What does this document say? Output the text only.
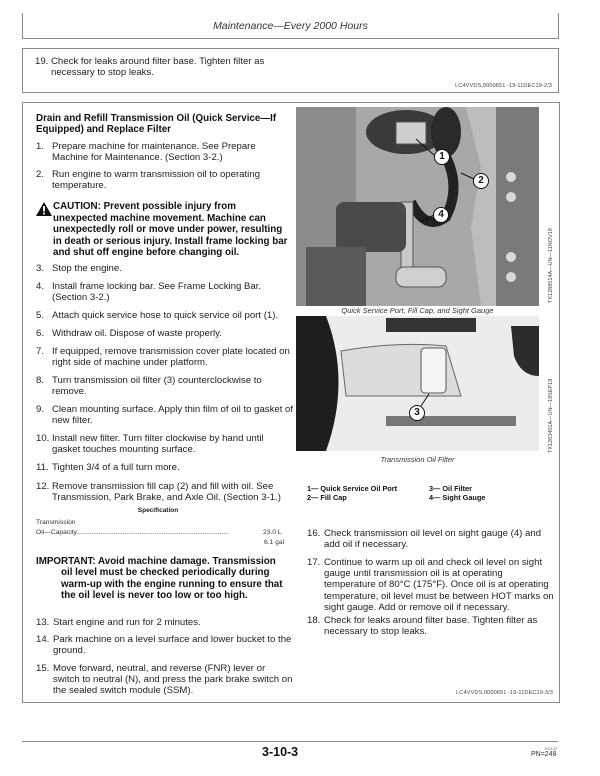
Maintenance—Every 2000 Hours
19. Check for leaks around filter base. Tighten filter as necessary to stop leaks.
LC4VVDS,0000651 -19-11DEC19-2/3
Drain and Refill Transmission Oil (Quick Service—If Equipped) and Replace Filter
1. Prepare machine for maintenance. See Prepare Machine for Maintenance. (Section 3-2.)
2. Run engine to warm transmission oil to operating temperature.
CAUTION: Prevent possible injury from unexpected machine movement. Machine can unexpectedly roll or move under power, resulting in death or serious injury. Install frame locking bar and shut off engine before changing oil.
3. Stop the engine.
4. Install frame locking bar. See Frame Locking Bar. (Section 3-2.)
5. Attach quick service hose to quick service oil port (1).
6. Withdraw oil. Dispose of waste properly.
7. If equipped, remove transmission cover plate located on right side of machine under platform.
8. Turn transmission oil filter (3) counterclockwise to remove.
9. Clean mounting surface. Apply thin film of oil to gasket of new filter.
10. Install new filter. Turn filter clockwise by hand until gasket touches mounting surface.
11. Tighten 3/4 of a full turn more.
12. Remove transmission fill cap (2) and fill with oil. See Transmission, Park Brake, and Axle Oil. (Section 3-1.)
Specification
Transmission
Oil—Capacity..................................................................................	23.0 L
6.1 gal
IMPORTANT: Avoid machine damage. Transmission
oil level must be checked periodically during warm-up with the engine running to ensure that the oil level is never too low or too high.
13. Start engine and run for 2 minutes.
14. Park machine on a level surface and lower bucket to the ground.
15. Move forward, neutral, and reverse (FNR) lever or switch to neutral (N), and press the park brake switch on the sealed switch module (SSM).
1
2
4
Quick Service Port, Fill Cap, and Sight Gauge
TX1288514A—UN—11NOV19
3
Transmission Oil Filter
TX1263401A—UN—18SEP18
1— Quick Service Oil Port
2— Fill Cap
3— Oil Filter
4— Sight Gauge
16. Check transmission oil level on sight gauge (4) and add oil if necessary.
17. Continue to warm up oil and check oil level on sight gauge until transmission oil is at operating temperature of 80°C (175°F). Once oil is at operating temperature, oil level must be between HOT marks on sight gauge. Add or remove oil if necessary.
18. Check for leaks around filter base. Tighten filter as necessary to stop leaks.
LC4VVDS,0000651 -19-11DEC19-3/3
3-10-3	110122
PN=248
